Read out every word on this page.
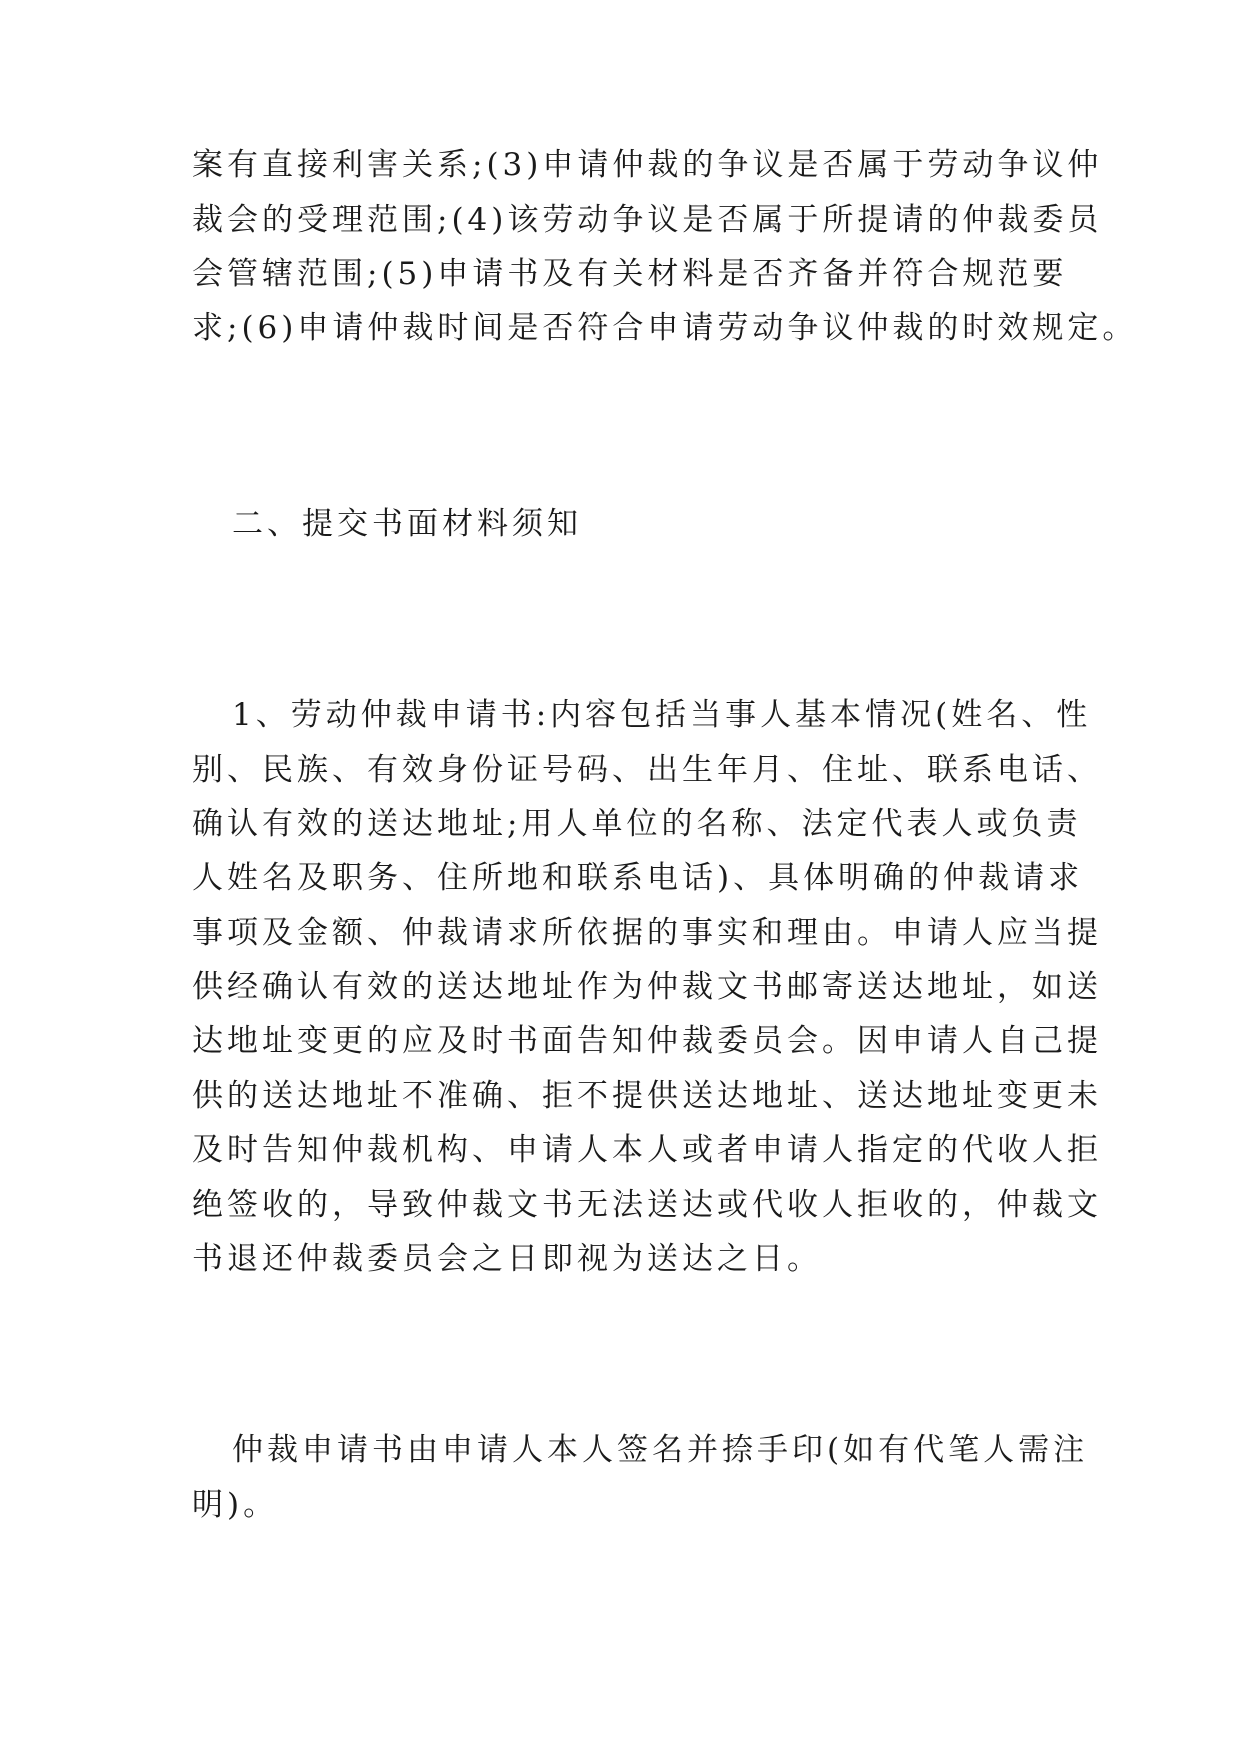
案有直接利害关系;(3)申请仲裁的争议是否属于劳动争议仲
裁会的受理范围;(4)该劳动争议是否属于所提请的仲裁委员
会管辖范围;(5)申请书及有关材料是否齐备并符合规范要
求;(6)申请仲裁时间是否符合申请劳动争议仲裁的时效规定。
二、提交书面材料须知
1、劳动仲裁申请书:内容包括当事人基本情况(姓名、性
别、民族、有效身份证号码、出生年月、住址、联系电话、
确认有效的送达地址;用人单位的名称、法定代表人或负责
人姓名及职务、住所地和联系电话)、具体明确的仲裁请求
事项及金额、仲裁请求所依据的事实和理由。申请人应当提
供经确认有效的送达地址作为仲裁文书邮寄送达地址，如送
达地址变更的应及时书面告知仲裁委员会。因申请人自己提
供的送达地址不准确、拒不提供送达地址、送达地址变更未
及时告知仲裁机构、申请人本人或者申请人指定的代收人拒
绝签收的，导致仲裁文书无法送达或代收人拒收的，仲裁文
书退还仲裁委员会之日即视为送达之日。
仲裁申请书由申请人本人签名并捺手印(如有代笔人需注
明)。
